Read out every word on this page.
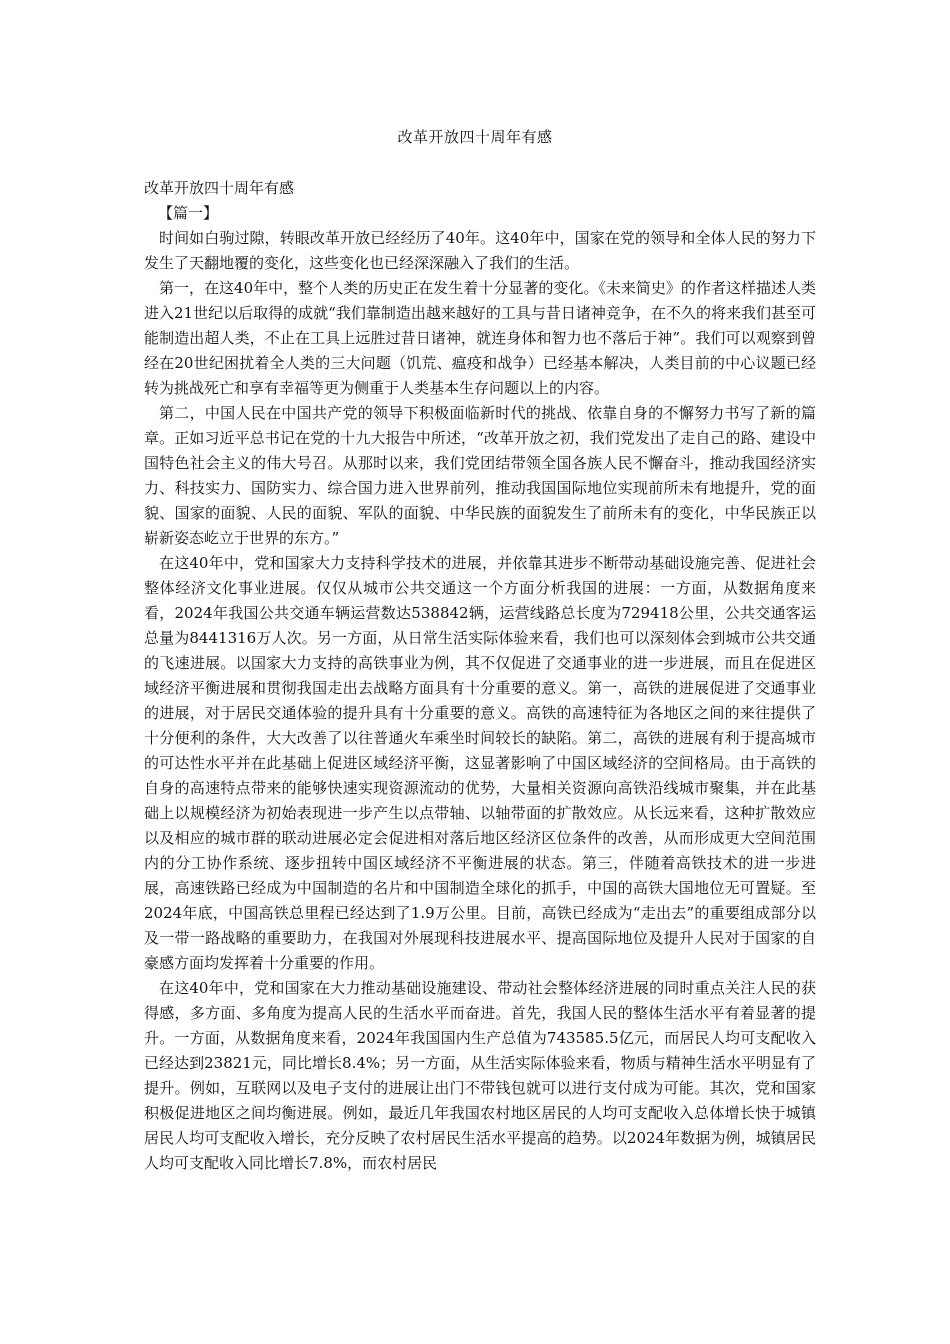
改革开放四十周年有感

改革开放四十周年有感

【篇一】

时间如白驹过隙，转眼改革开放已经经历了40年。这40年中，国家在党的领导和全体人民的努力下发生了天翻地覆的变化，这些变化也已经深深融入了我们的生活。

第一，在这40年中，整个人类的历史正在发生着十分显著的变化。《未来简史》的作者这样描述人类进入21世纪以后取得的成就“我们靠制造出越来越好的工具与昔日诸神竞争，在不久的将来我们甚至可能制造出超人类，不止在工具上远胜过昔日诸神，就连身体和智力也不落后于神”。我们可以观察到曾经在20世纪困扰着全人类的三大问题（饥荒、瘟疫和战争）已经基本解决，人类目前的中心议题已经转为挑战死亡和享有幸福等更为侧重于人类基本生存问题以上的内容。

第二，中国人民在中国共产党的领导下积极面临新时代的挑战、依靠自身的不懈努力书写了新的篇章。正如习近平总书记在党的十九大报告中所述，“改革开放之初，我们党发出了走自己的路、建设中国特色社会主义的伟大号召。从那时以来，我们党团结带领全国各族人民不懈奋斗，推动我国经济实力、科技实力、国防实力、综合国力进入世界前列，推动我国国际地位实现前所未有地提升，党的面貌、国家的面貌、人民的面貌、军队的面貌、中华民族的面貌发生了前所未有的变化，中华民族正以崭新姿态屹立于世界的东方。”

在这40年中，党和国家大力支持科学技术的进展，并依靠其进步不断带动基础设施完善、促进社会整体经济文化事业进展。仅仅从城市公共交通这一个方面分析我国的进展：一方面，从数据角度来看，2024年我国公共交通车辆运营数达538842辆，运营线路总长度为729418公里，公共交通客运总量为8441316万人次。另一方面，从日常生活实际体验来看，我们也可以深刻体会到城市公共交通的飞速进展。以国家大力支持的高铁事业为例，其不仅促进了交通事业的进一步进展，而且在促进区域经济平衡进展和贯彻我国走出去战略方面具有十分重要的意义。第一，高铁的进展促进了交通事业的进展，对于居民交通体验的提升具有十分重要的意义。高铁的高速特征为各地区之间的来往提供了十分便利的条件，大大改善了以往普通火车乘坐时间较长的缺陷。第二，高铁的进展有利于提高城市的可达性水平并在此基础上促进区域经济平衡，这显著影响了中国区域经济的空间格局。由于高铁的自身的高速特点带来的能够快速实现资源流动的优势，大量相关资源向高铁沿线城市聚集，并在此基础上以规模经济为初始表现进一步产生以点带轴、以轴带面的扩散效应。从长远来看，这种扩散效应以及相应的城市群的联动进展必定会促进相对落后地区经济区位条件的改善，从而形成更大空间范围内的分工协作系统、逐步扭转中国区域经济不平衡进展的状态。第三，伴随着高铁技术的进一步进展，高速铁路已经成为中国制造的名片和中国制造全球化的抓手，中国的高铁大国地位无可置疑。至2024年底，中国高铁总里程已经达到了1.9万公里。目前，高铁已经成为“走出去”的重要组成部分以及一带一路战略的重要助力，在我国对外展现科技进展水平、提高国际地位及提升人民对于国家的自豪感方面均发挥着十分重要的作用。

在这40年中，党和国家在大力推动基础设施建设、带动社会整体经济进展的同时重点关注人民的获得感，多方面、多角度为提高人民的生活水平而奋进。首先，我国人民的整体生活水平有着显著的提升。一方面，从数据角度来看，2024年我国国内生产总值为743585.5亿元，而居民人均可支配收入已经达到23821元，同比增长8.4%；另一方面，从生活实际体验来看，物质与精神生活水平明显有了提升。例如，互联网以及电子支付的进展让出门不带钱包就可以进行支付成为可能。其次，党和国家积极促进地区之间均衡进展。例如，最近几年我国农村地区居民的人均可支配收入总体增长快于城镇居民人均可支配收入增长，充分反映了农村居民生活水平提高的趋势。以2024年数据为例，城镇居民人均可支配收入同比增长7.8%，而农村居民
